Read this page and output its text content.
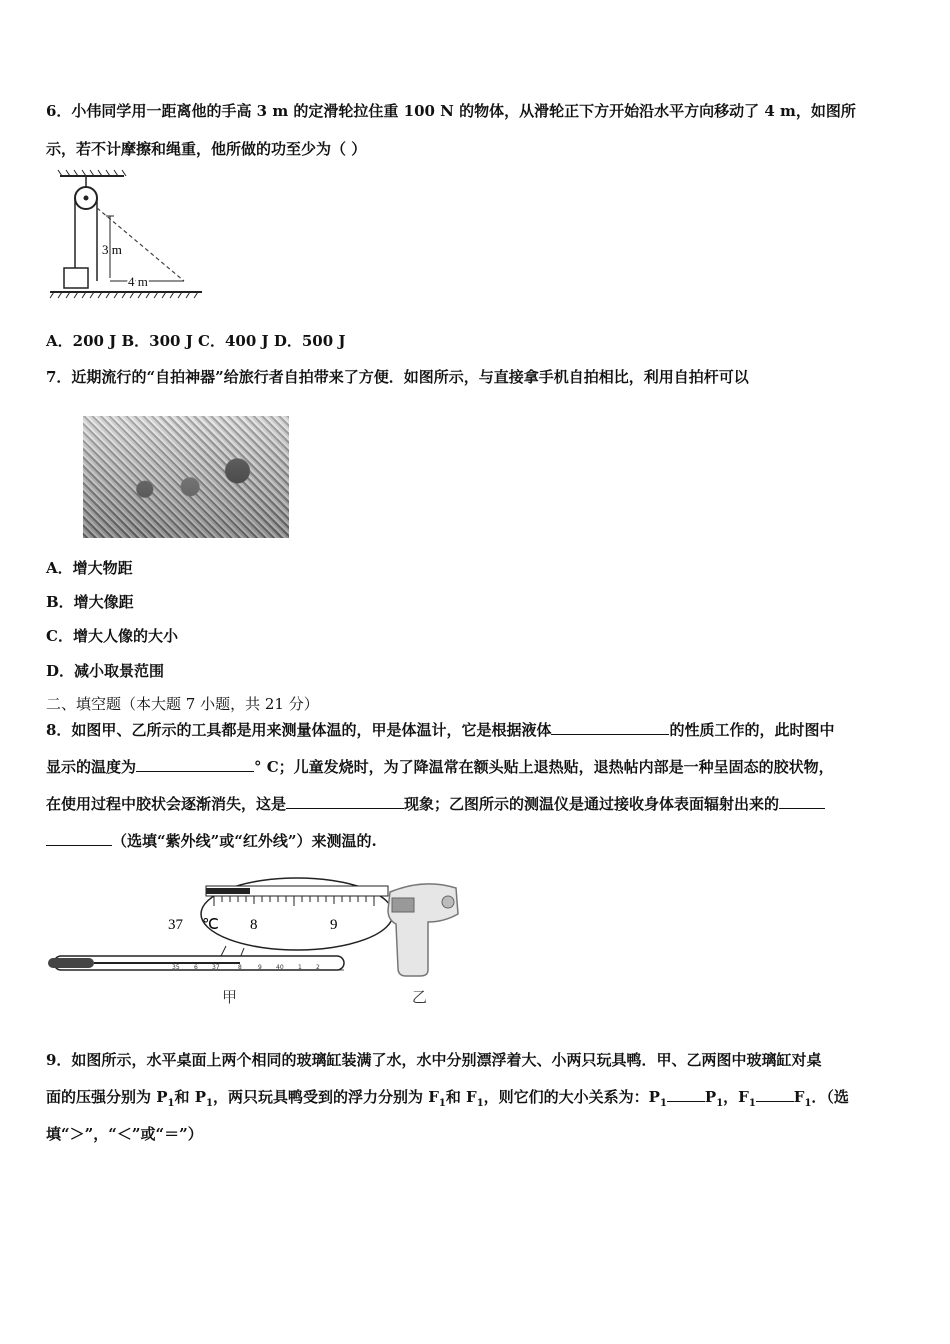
6．小伟同学用一距离他的手高 3 m 的定滑轮拉住重 100 N 的物体，从滑轮正下方开始沿水平方向移动了 4 m，如图所
示，若不计摩擦和绳重，他所做的功至少为（ ）
3 m
4 m
A．200 J B．300 J C．400 J D．500 J
7．近期流行的“自拍神器”给旅行者自拍带来了方便．如图所示，与直接拿手机自拍相比，利用自拍杆可以
A．增大物距
B．增大像距
C．增大人像的大小
D．减小取景范围
二、填空题（本大题 7 小题，共 21 分）
8．如图甲、乙所示的工具都是用来测量体温的，甲是体温计，它是根据液体	的性质工作的，此时图中
显示的温度为	° C；儿童发烧时，为了降温常在额头贴上退热贴，退热帖内部是一种呈固态的胶状物，
在使用过程中胶状会逐渐消失，这是	现象；乙图所示的测温仪是通过接收身体表面辐射出来的
（选填“紫外线”或“红外线”）来测温的.
37 ℃ 8	9
35 6 37	8	9 40 1 2
甲	乙
9．如图所示，水平桌面上两个相同的玻璃缸装满了水，水中分别漂浮着大、小两只玩具鸭．甲、乙两图中玻璃缸对桌
面的压强分别为 $P_1$和 $P_1$，两只玩具鸭受到的浮力分别为 $F_1$和 $F_1$，则它们的大小关系为：$P_1$	$P_1$，$F_1$	$F_1$．（选
填“＞”，“＜”或“＝”）
